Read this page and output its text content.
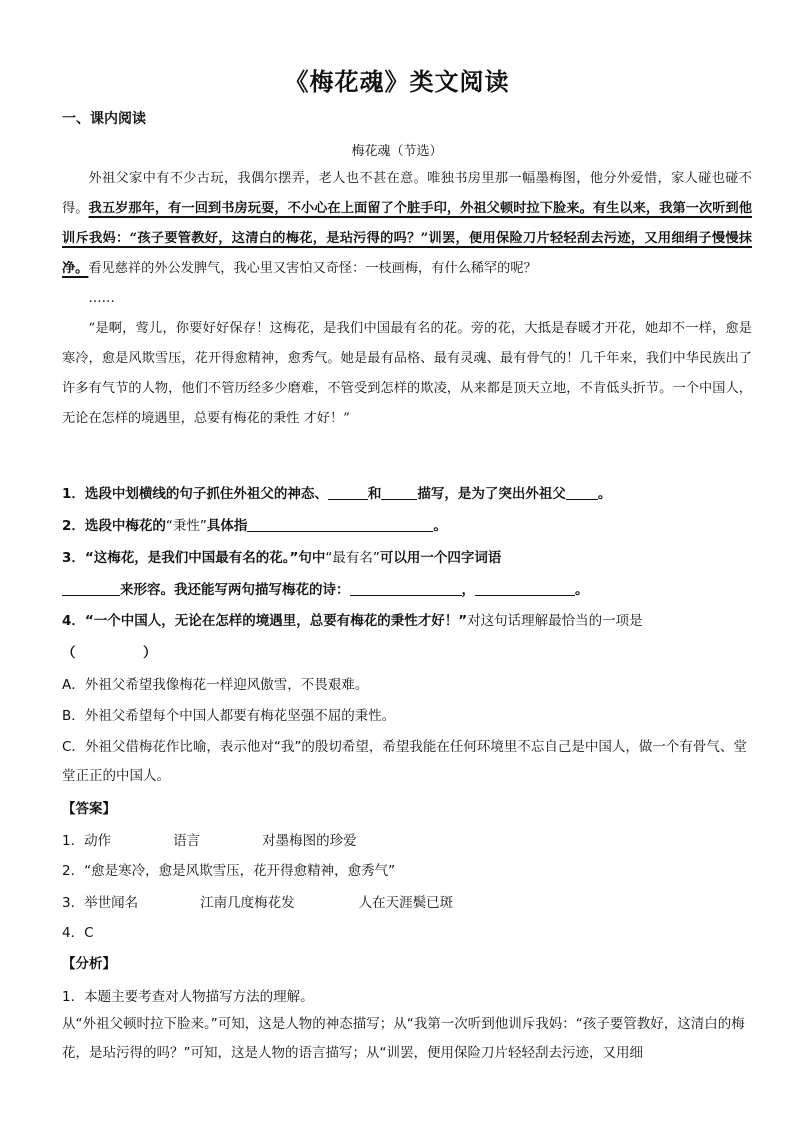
《梅花魂》类文阅读
一、课内阅读
梅花魂（节选）

外祖父家中有不少古玩，我偶尔摆弄，老人也不甚在意。唯独书房里那一幅墨梅图，他分外爱惜，家人碰也碰不得。我五岁那年，有一回到书房玩耍，不小心在上面留了个脏手印，外祖父顿时拉下脸来。有生以来，我第一次听到他训斥我妈：“孩子要管教好，这清白的梅花，是玷污得的吗？”训罢，便用保险刀片轻轻刮去污迹，又用细绢子慢慢抹净。看见慈祥的外公发脾气，我心里又害怕又奇怪：一枝画梅，有什么稀罕的呢？

……

“是啊，莺儿，你要好好保存！这梅花，是我们中国最有名的花。旁的花，大抵是春暖才开花，她却不一样，愈是寒冷，愈是风欺雪压，花开得愈精神，愈秀气。她是最有品格、最有灵魂、最有骨气的！几千年来，我们中华民族出了许多有气节的人物，他们不管历经多少磨难，不管受到怎样的欺凌，从来都是顶天立地，不肯低头折节。一个中国人，无论在怎样的境遇里，总要有梅花的秉性 才好！”

1．选段中划横线的句子抓住外祖父的神态、	和	描写，是为了突出外祖父 。
2．选段中梅花的“秉性”具体指	。
3．“这梅花，是我们中国最有名的花。”句中“最有名”可以用一个四字词语
来形容。我还能写两句描写梅花的诗：	，	。
4．“一个中国人，无论在怎样的境遇里，总要有梅花的秉性才好！”对这句话理解最恰当的一项是
（　　　　　）
A．外祖父希望我像梅花一样迎风傲雪，不畏艰难。
B．外祖父希望每个中国人都要有梅花坚强不屈的秉性。
C．外祖父借梅花作比喻，表示他对“我”的殷切希望，希望我能在任何环境里不忘自己是中国人，做一个有骨气、堂堂正正的中国人。
【答案】
1．动作	语言	对墨梅图的珍爱
2．“愈是寒冷，愈是风欺雪压，花开得愈精神，愈秀气”
3．举世闻名	江南几度梅花发	人在天涯鬓已斑
4．C
【分析】
1．本题主要考查对人物描写方法的理解。
从“外祖父顿时拉下脸来。”可知，这是人物的神态描写；从“我第一次听到他训斥我妈：“孩子要管教好，这清白的梅花，是玷污得的吗？”可知，这是人物的语言描写；从“训罢，便用保险刀片轻轻刮去污迹，又用细
